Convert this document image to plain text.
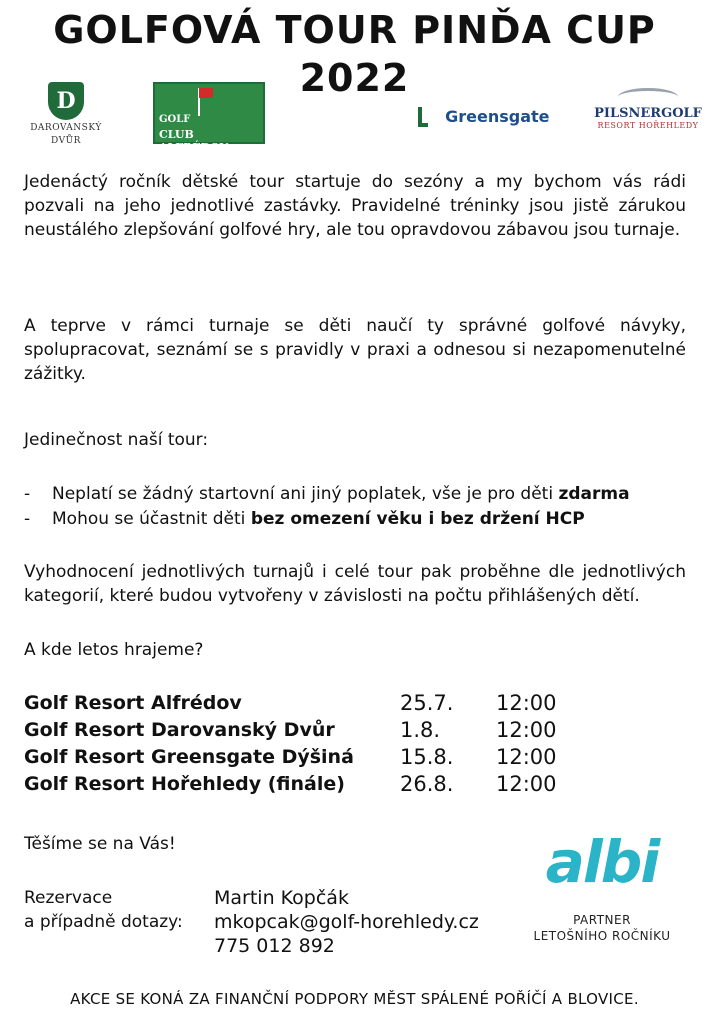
GOLFOVÁ TOUR PINĎA CUP
2022
D
DAROVANSKÝ
DVŮR
GOLF
CLUB ALFRÉDOV
Greensgate	PILSNERGOLF
RESORT HOŘEHLEDY

Jedenáctý ročník dětské tour startuje do sezóny a my bychom vás rádi pozvali na jeho jednotlivé zastávky. Pravidelné tréninky jsou jistě zárukou neustálého zlepšování golfové hry, ale tou opravdovou zábavou jsou turnaje.

A teprve v rámci turnaje se děti naučí ty správné golfové návyky, spolupracovat, seznámí se s pravidly v praxi a odnesou si nezapomenutelné zážitky.

Jedinečnost naší tour:

- Neplatí se žádný startovní ani jiný poplatek, vše je pro děti zdarma
- Mohou se účastnit děti bez omezení věku i bez držení HCP

Vyhodnocení jednotlivých turnajů i celé tour pak proběhne dle jednotlivých kategorií, které budou vytvořeny v závislosti na počtu přihlášených dětí.

A kde letos hrajeme?

Golf Resort Alfrédov	25.7.	12:00
Golf Resort Darovanský Dvůr	1.8.	12:00
Golf Resort Greensgate Dýšiná	15.8.	12:00
Golf Resort Hořehledy (finále)	26.8.	12:00

Těšíme se na Vás!

Rezervace
a případně dotazy:
Martin Kopčák
mkopcak@golf-horehledy.cz
775 012 892
albi
PARTNER
LETOŠNÍHO ROČNÍKU

AKCE SE KONÁ ZA FINANČNÍ PODPORY MĚST SPÁLENÉ POŘÍČÍ A BLOVICE.
